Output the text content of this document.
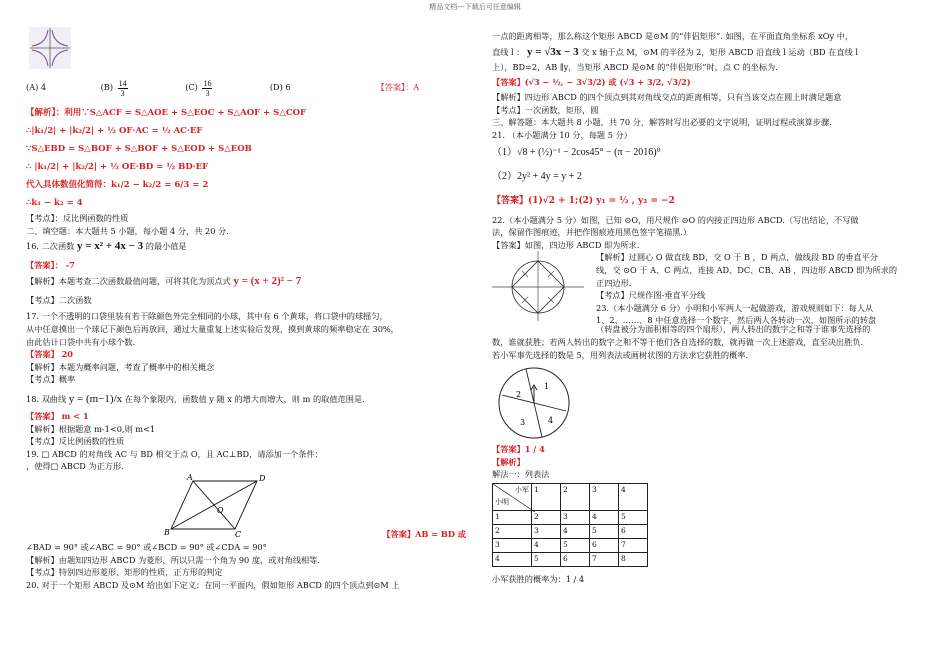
精品文档---下载后可任意编辑
(A) 4	$(B) \frac{14}{3}$	$(C) \frac{16}{3}$	(D) 6	【答案】：A
【解析】：利用∵S△ACF = S△AOE + S△EOC + S△AOF + S△COF
∴|k₁/2| + |k₂/2| + ½ OF·AC = ½ AC·EF
∵S△EBD = S△BOF + S△BOF + S△EOD + S△EOB
∴ |k₁/2| + |k₂/2| + ½ OE·BD = ½ BD·EF
代入具体数值化简得：k₁/2 − k₂/2 = 6/3 = 2
∴k₁ − k₂ = 4
【考点】：反比例函数的性质
二、填空题：本大题共 5 小题，每小题 4 分，共 20 分.
16. 二次函数 y = x² + 4x − 3 的最小值是
【答案】： -7
【解析】本题考查二次函数最值问题，可将其化为顶点式 y = (x + 2)² − 7
【考点】二次函数
17. 一个不透明的口袋里装有若干除颜色外完全相同的小球，其中有 6 个黄球，将口袋中的球摇匀，
从中任意摸出一个球记下颜色后再放回，通过大量重复上述实验后发现，摸到黄球的频率稳定在 30%，
由此估计口袋中共有小球个数.
【答案】 20
【解析】本题为概率问题，考查了概率中的相关概念
【考点】概率
18. 双曲线 y = (m−1)/x 在每个象限内，函数值 y 随 x 的增大而增大，则 m 的取值范围是.
【答案】 m < 1
【解析】根据题意 m-1<0,则 m<1
【考点】反比例函数的性质
19. □ ABCD 的对角线 AC 与 BD 相交于点 O，且 AC⊥BD，请添加一个条件：
，使得□ ABCD 为正方形.
A	D
B	C
O
【答案】AB = BD 或
∠BAD = 90° 或∠ABC = 90° 或∠BCD = 90° 或∠CDA = 90°
【解析】由题知四边形 ABCD 为菱形，所以只需一个角为 90 度，或对角线相等.
【考点】特别四边形菱形、矩形的性质，正方形的判定
20. 对于一个矩形 ABCD 及⊙M 给出如下定义：在同一平面内，假如矩形 ABCD 的四个顶点到⊙M 上
一点的距离相等，那么称这个矩形 ABCD 是⊙M 的“伴侣矩形”. 如图，在平面直角坐标系 xOy 中，
直线 l ： y = √3x − 3 交 x 轴于点 M，⊙M 的半径为 2，矩形 ABCD 沿直线 l 运动（BD 在直线 l
上），BD=2，AB ∥y，当矩形 ABCD 是⊙M 的“伴侣矩形”时，点 C 的坐标为.
【答案】(√3 − ½, − 3√3/2) 或 (√3 + 3/2, √3/2)
【解析】四边形 ABCD 的四个顶点到其对角线交点的距离相等，只有当该交点在圆上时满足题意
【考点】一次函数，矩形，圆
三、解答题：本大题共 8 小题，共 70 分，解答时写出必要的文字说明，证明过程或演算步骤.
21. （本小题满分 10 分，每题 5 分）
（1）√8 + (½)⁻¹ − 2cos45° − (π − 2016)⁰
（2）2y² + 4y = y + 2
【答案】(1)√2 + 1;(2) y₁ = ½ , y₂ = −2
22.（本小题满分 5 分）如图，已知 ⊙O，用尺规作 ⊙O 的内接正四边形 ABCD.（写出结论，不写做
法，保留作图痕迹，并把作图痕迹用黑色签字笔描黑.）
【答案】如图，四边形 ABCD 即为所求.
【解析】过圆心 O 做直线 BD，交 O 于 B ，D 两点，做线段 BD 的垂直平分
线，交 ⊙O 于 A、C 两点，连接 AD、DC、CB、AB ，四边形 ABCD 即为所求的
正四边形.
【考点】尺规作图-垂直平分线
23.（本小题满分 6 分）小明和小军两人一起做游戏，游戏规则如下：每人从
1、2、……、8 中任意选择一个数字，然后两人各转动一次，如图所示的转盘
（转盘被分为面积相等的四个扇形），两人转出的数字之和等于谁事先选择的
数，谁就获胜；若两人转出的数字之和不等于他们各自选择的数，就再做一次上述游戏，直至决出胜负.
若小军事先选择的数是 5，用列表法或画树状图的方法求它获胜的概率.
2
1
3	4
【答案】1 / 4
【解析】
解法一：列表法
小军
小明	1	2	3	4
1	2	3	4	5
2	3	4	5	6
3	4	5	6	7
4	5	6	7	8
小军获胜的概率为：1 / 4
